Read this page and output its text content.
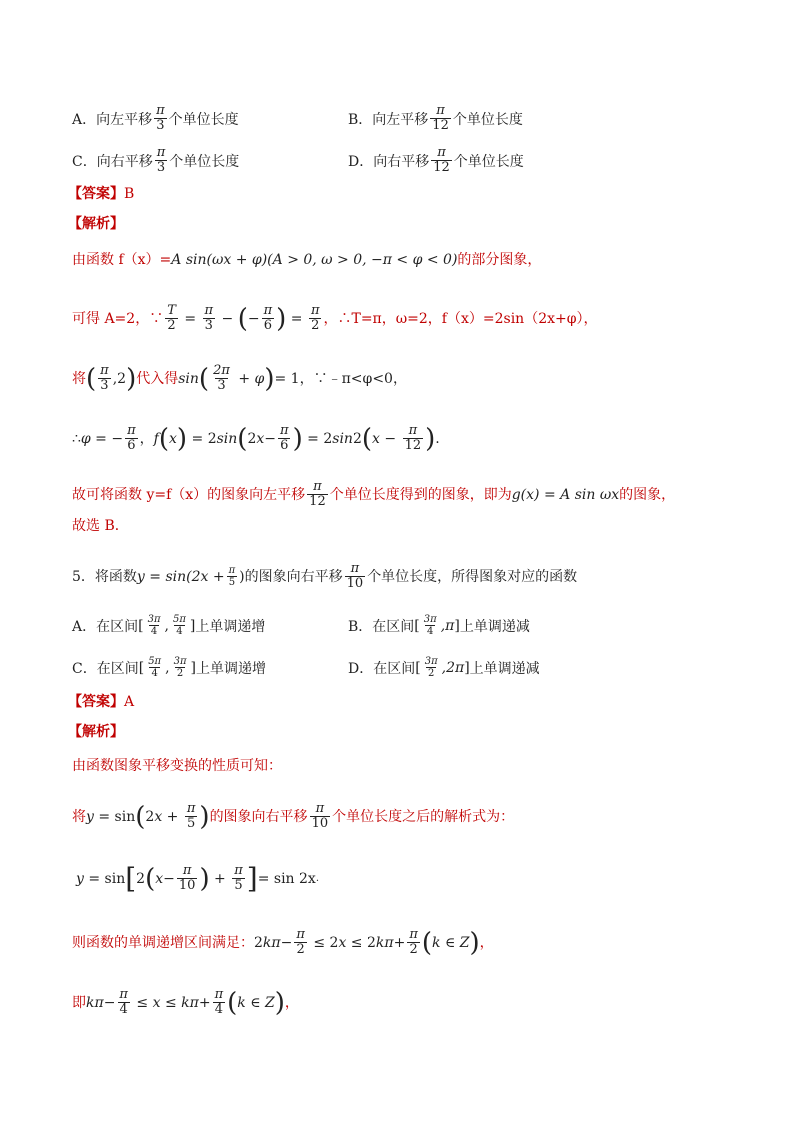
A．向左平移 $\frac{\pi}{3}$ 个单位长度	B．向左平移 $\frac{\pi}{12}$ 个单位长度
C．向右平移 $\frac{\pi}{3}$ 个单位长度	D．向右平移 $\frac{\pi}{12}$ 个单位长度
【答案】 B
【解析】
由函数 f（x）= A sin(ωx + φ)(A > 0, ω > 0, −π < φ < 0) 的部分图象，
可得 A=2，∵ $\frac{T}{2} = \frac{\pi}{3}$ − ( − $\frac{\pi}{6}$ ) = $\frac{\pi}{2}$ ，∴T=π，ω=2，f（x）=2sin（2x+φ），
将 ( $\frac{\pi}{3} ,2$ ) 代入得 sin ( $\frac{2\pi}{3} + \varphi$ ) = 1，∵﹣π<φ<0，
∴ φ = − $\frac{\pi}{6}$ ， f ( x ) = 2 sin ( 2 $x - \frac{\pi}{6}$ ) = 2 sin 2 ( $x - \frac{\pi}{12}$ ) .
故可将函数 y=f（x）的图象向左平移 $\frac{\pi}{12}$ 个单位长度得到的图象，即为 g(x) = A sin ωx 的图象，
故选 B．
5．将函数 $y = \sin(2x + \frac{\pi}{5}$ ) 的图象向右平移 $\frac{\pi}{10}$ 个单位长度，所得图象对应的函数
A．在区间 [ $\frac{3\pi}{4}$ , $\frac{5\pi}{4}$ ] 上单调递增	B．在区间 [ $\frac{3\pi}{4} ,\pi$ ] 上单调递减
C．在区间 [ $\frac{5\pi}{4}$ , $\frac{3\pi}{2}$ ] 上单调递增	D．在区间 [ $\frac{3\pi}{2} ,2\pi$ ] 上单调递减
【答案】 A
【解析】
由函数图象平移变换的性质可知：
将 y = sin ( 2 $x + \frac{\pi}{5}$ ) 的图象向右平移 $\frac{\pi}{10}$ 个单位长度之后的解析式为：
y = sin [ 2 ( $x - \frac{\pi}{10}$ ) + $\frac{\pi}{5}$ ] = sin 2x .
则函数的单调递增区间满足： 2 $k\pi - \frac{\pi}{2} \le 2$ x ≤ 2 $k\pi + \frac{\pi}{2}$ ( k ∈ Z ) ，
即 $k\pi - \frac{\pi}{4} \le x \le k\pi + \frac{\pi}{4}$ ( k ∈ Z ) ，
